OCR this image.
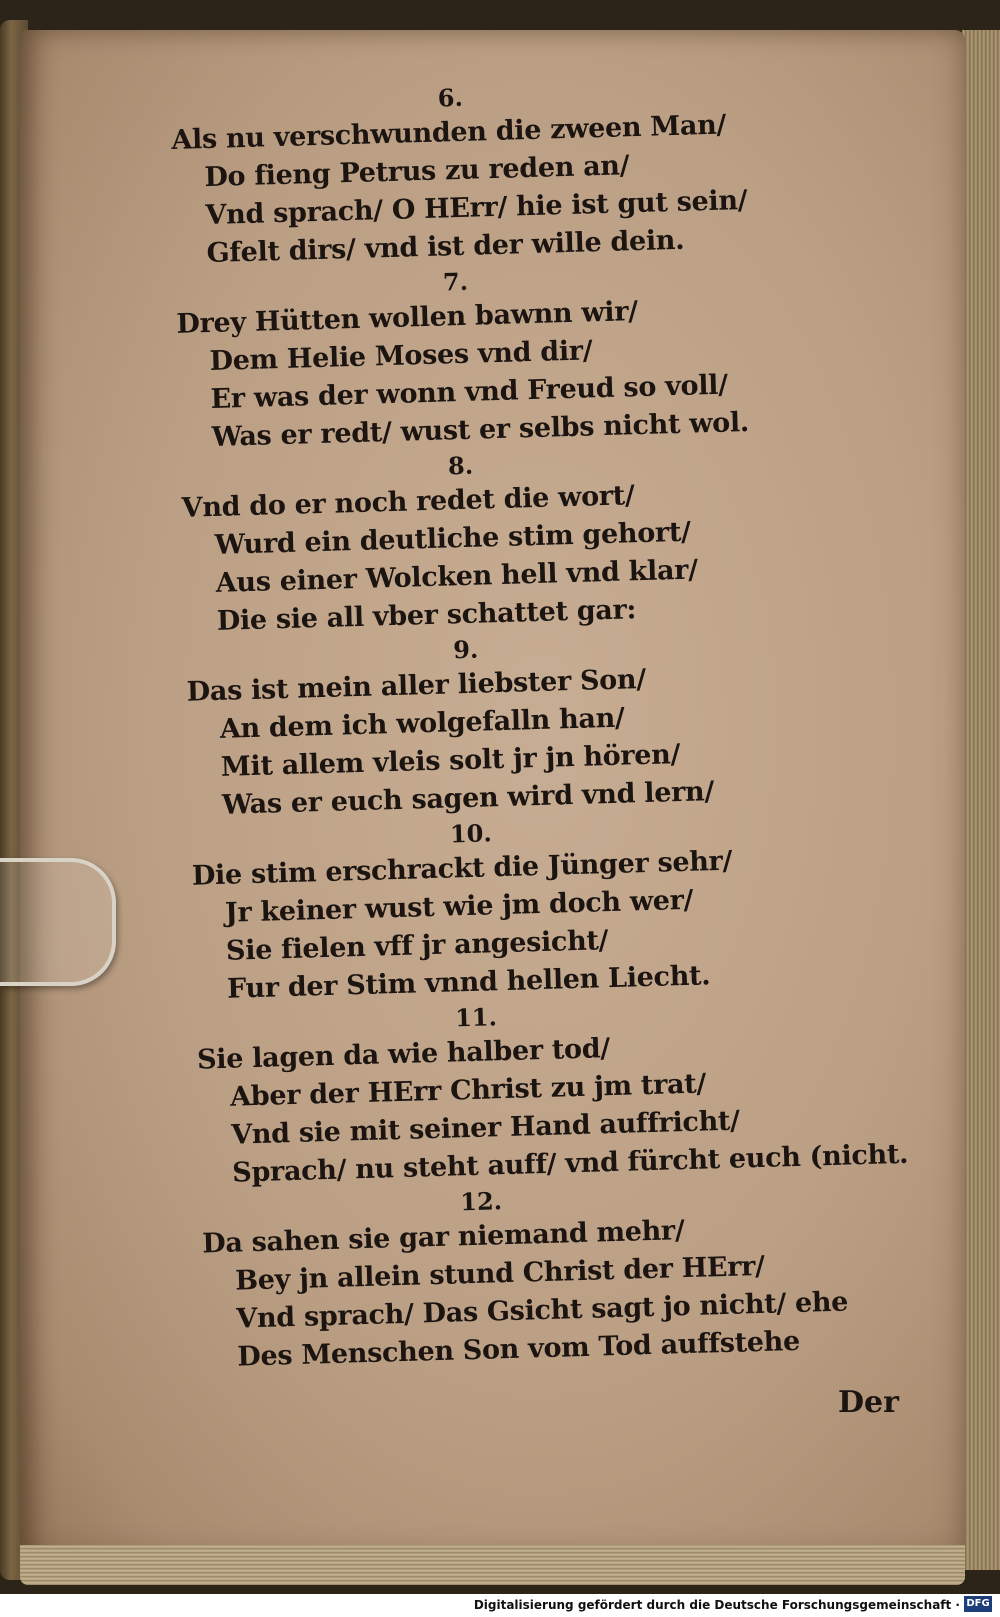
6.
Als nu verschwunden die zween Man/
Do fieng Petrus zu reden an/
Vnd sprach/ O HErr/ hie ist gut sein/
Gfelt dirs/ vnd ist der wille dein.
7.
Drey Hütten wollen bawnn wir/
Dem Helie Moses vnd dir/
Er was der wonn vnd Freud so voll/
Was er redt/ wust er selbs nicht wol.
8.
Vnd do er noch redet die wort/
Wurd ein deutliche stim gehort/
Aus einer Wolcken hell vnd klar/
Die sie all vber schattet gar:
9.
Das ist mein aller liebster Son/
An dem ich wolgefalln han/
Mit allem vleis solt jr jn hören/
Was er euch sagen wird vnd lern/
10.
Die stim erschrackt die Jünger sehr/
Jr keiner wust wie jm doch wer/
Sie fielen vff jr angesicht/
Fur der Stim vnnd hellen Liecht.
11.
Sie lagen da wie halber tod/
Aber der HErr Christ zu jm trat/
Vnd sie mit seiner Hand auffricht/
Sprach/ nu steht auff/ vnd fürcht euch (nicht.
12.
Da sahen sie gar niemand mehr/
Bey jn allein stund Christ der HErr/
Vnd sprach/ Das Gsicht sagt jo nicht/ ehe
Des Menschen Son vom Tod auffstehe
Der
Digitalisierung gefördert durch die Deutsche Forschungsgemeinschaft · DFG
